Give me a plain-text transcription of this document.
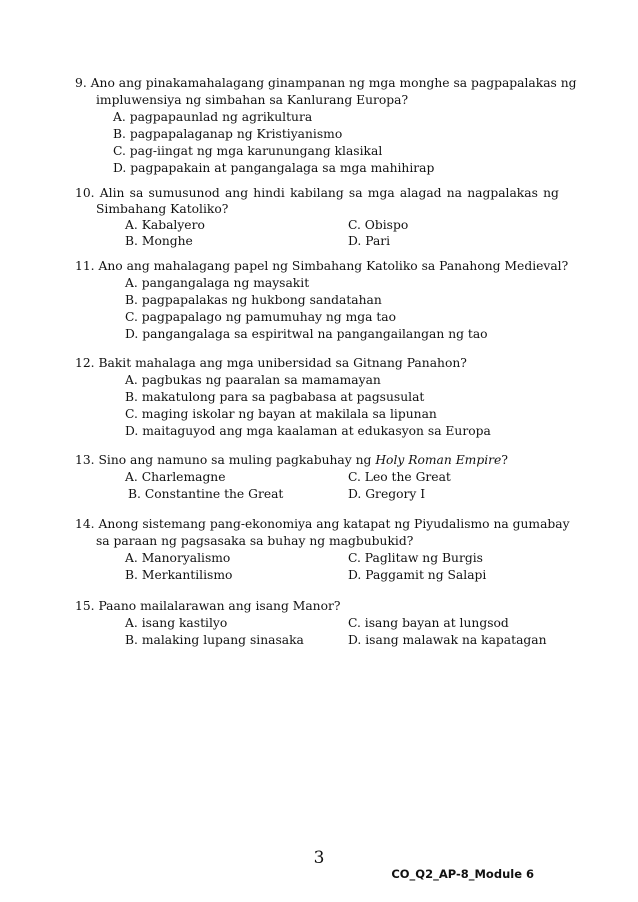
9. Ano ang pinakamahalagang ginampanan ng mga monghe sa pagpapalakas ng
impluwensiya ng simbahan sa Kanlurang Europa?
A. pagpapaunlad ng agrikultura
B. pagpapalaganap ng Kristiyanismo
C. pag-iingat ng mga karunungang klasikal
D. pagpapakain at pangangalaga sa mga mahihirap
10. Alin sa sumusunod ang hindi kabilang sa mga alagad na nagpalakas ng
Simbahang Katoliko?
A. Kabalyero	C. Obispo
B. Monghe	D. Pari
11. Ano ang mahalagang papel ng Simbahang Katoliko sa Panahong Medieval?
A. pangangalaga ng maysakit
B. pagpapalakas ng hukbong sandatahan
C. pagpapalago ng pamumuhay ng mga tao
D. pangangalaga sa espiritwal na pangangailangan ng tao
12. Bakit mahalaga ang mga unibersidad sa Gitnang Panahon?
A. pagbukas ng paaralan sa mamamayan
B. makatulong para sa pagbabasa at pagsusulat
C. maging iskolar ng bayan at makilala sa lipunan
D. maitaguyod ang mga kaalaman at edukasyon sa Europa
13. Sino ang namuno sa muling pagkabuhay ng Holy Roman Empire?
A. Charlemagne	C. Leo the Great
B. Constantine the Great	D. Gregory I
14. Anong sistemang pang-ekonomiya ang katapat ng Piyudalismo na gumabay
sa paraan ng pagsasaka sa buhay ng magbubukid?
A. Manoryalismo	C. Paglitaw ng Burgis
B. Merkantilismo	D. Paggamit ng Salapi
15. Paano mailalarawan ang isang Manor?
A. isang kastilyo	C. isang bayan at lungsod
B. malaking lupang sinasaka	D. isang malawak na kapatagan
3
CO_Q2_AP-8_Module 6
